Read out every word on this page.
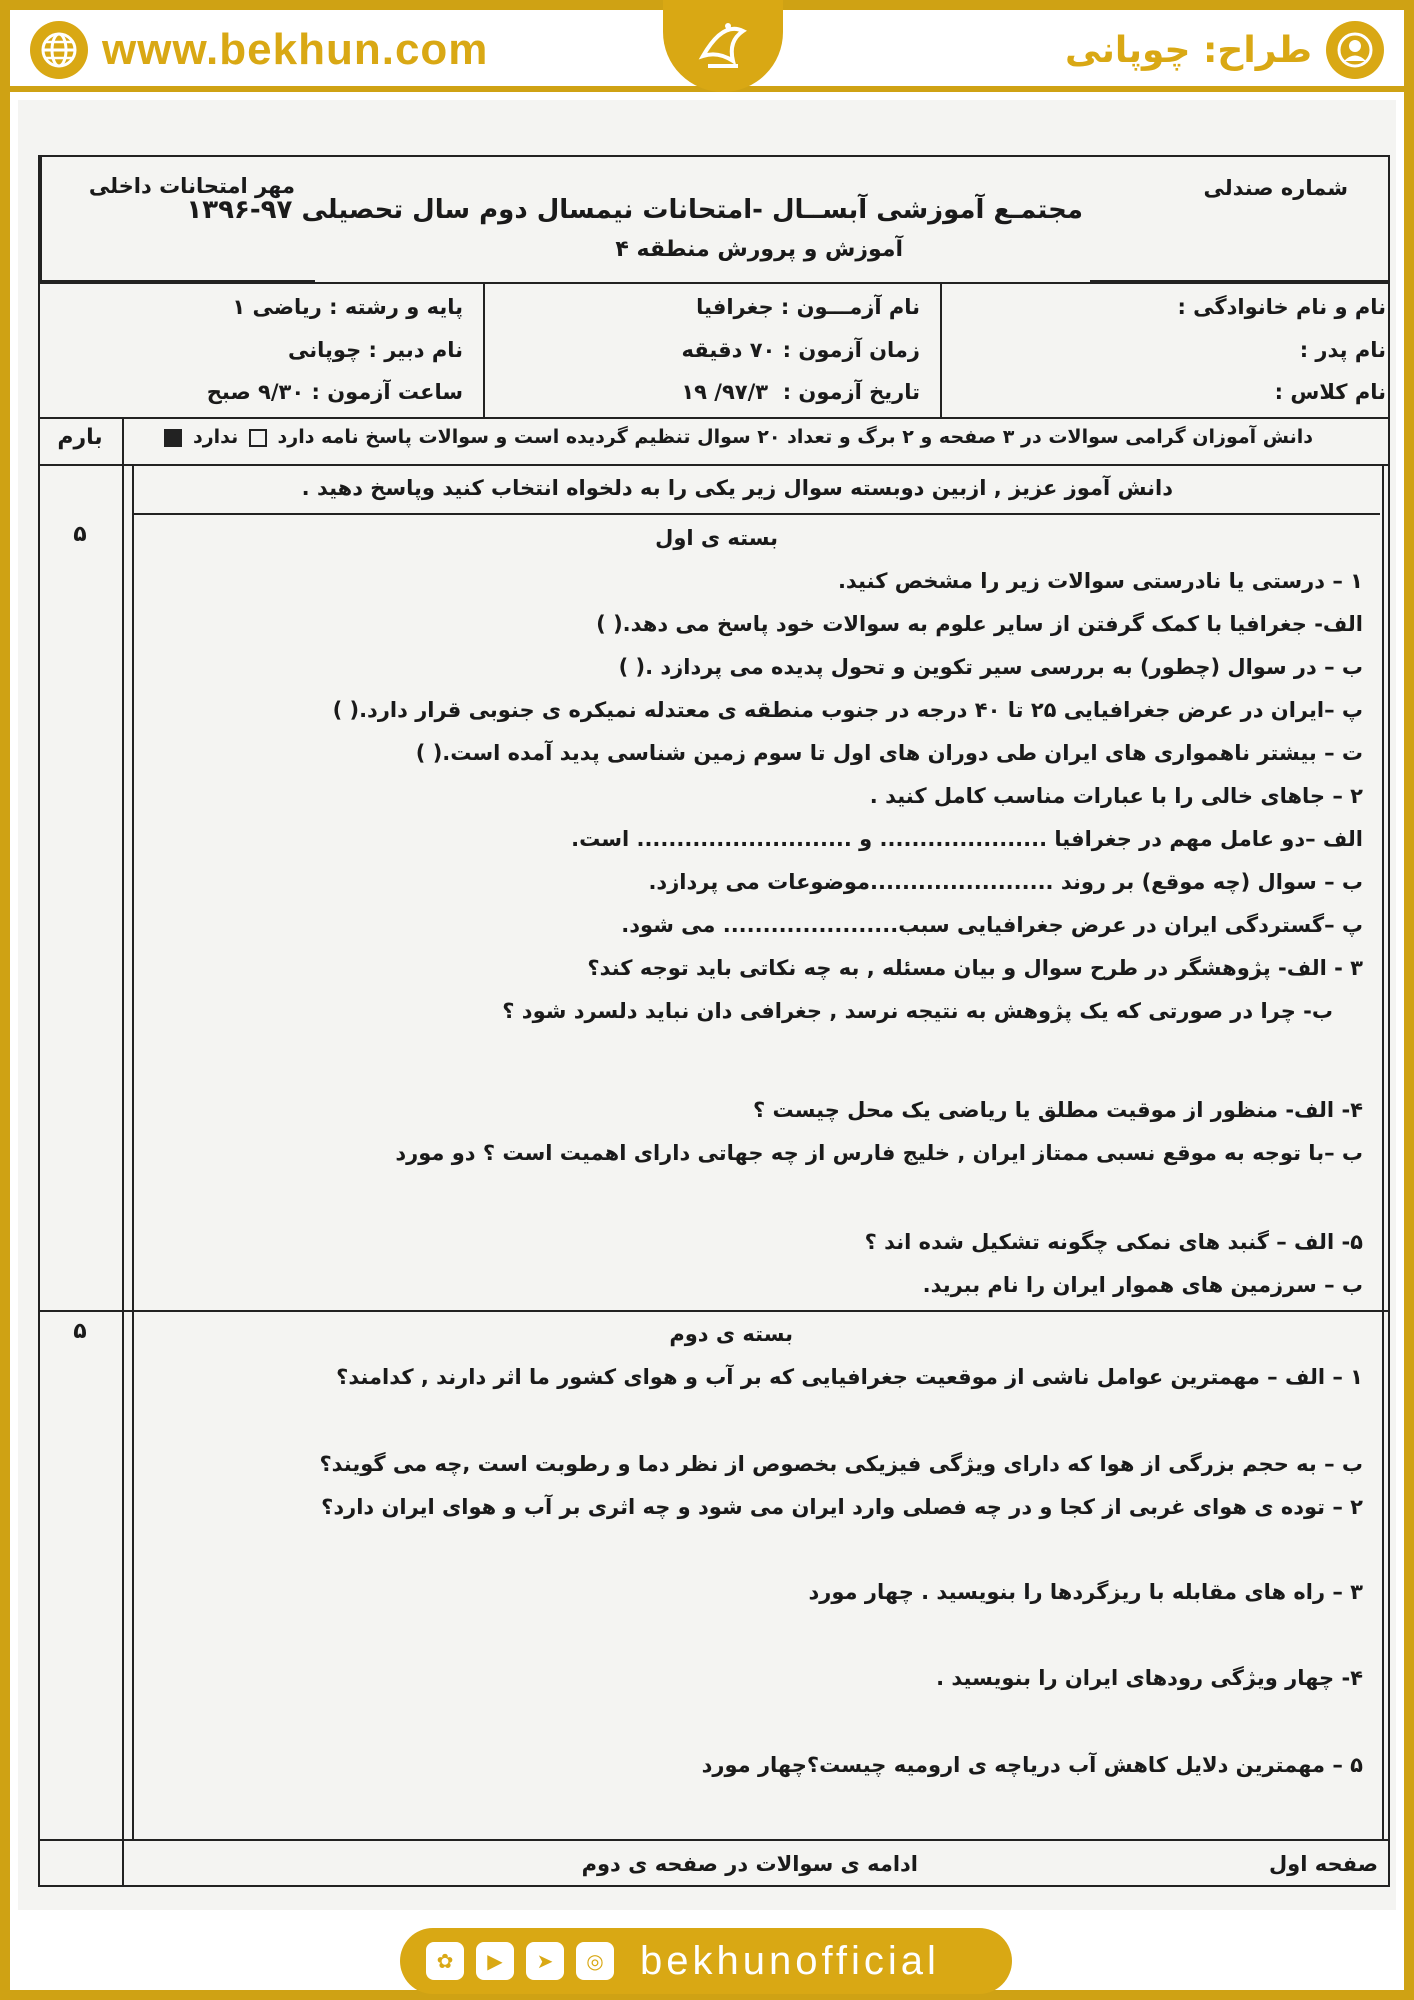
www.bekhun.com	طراح: چوپانی
مهر امتحانات داخلی	شماره صندلی
مجتمـع آموزشی آبســال -امتحانات نیمسال دوم سال تحصیلی ۹۷-۱۳۹۶
آموزش و پرورش منطقه ۴
نام و نام خانوادگی :
نام پدر :
نام کلاس :
نام آزمـــون : جغرافیا
زمان آزمون : ۷۰ دقیقه
تاریخ آزمون :  ۹۷/۳/ ۱۹
پایه و رشته : ریاضی ۱
نام دبیر : چوپانی
ساعت آزمون : ۹/۳۰ صبح
دانش آموزان گرامی سوالات در ۳ صفحه و ۲ برگ و تعداد ۲۰ سوال تنظیم گردیده است و سوالات پاسخ نامه دارد  ندارد
بارم
دانش آموز عزیز , ازبین دوبسته سوال زیر یکی را به دلخواه انتخاب کنید وپاسخ دهید .
۵	بسته ی اول
۱ – درستی یا نادرستی سوالات زیر را مشخص کنید.
الف- جغرافیا با کمک گرفتن از سایر علوم به سوالات خود پاسخ می دهد.( )
ب – در سوال (چطور) به بررسی سیر تکوین و تحول پدیده می پردازد .( )
پ –ایران در عرض جغرافیایی ۲۵ تا ۴۰ درجه در جنوب منطقه ی معتدله نمیکره ی جنوبی قرار دارد.( )
ت – بیشتر ناهمواری های ایران طی دوران های اول تا سوم زمین شناسی پدید آمده است.( )
۲ – جاهای خالی را با عبارات مناسب کامل کنید .
الف –دو عامل مهم در جغرافیا ..................... و ........................... است.
ب – سوال (چه موقع) بر روند .......................موضوعات می پردازد.
پ –گستردگی ایران در عرض جغرافیایی سبب...................... می شود.
۳ - الف- پژوهشگر در طرح سوال و بیان مسئله , به چه نکاتی باید توجه کند؟
ب- چرا در صورتی که یک پژوهش به نتیجه نرسد , جغرافی دان نباید دلسرد شود ؟
۴- الف- منظور از موقیت مطلق یا ریاضی یک محل چیست ؟
ب –با توجه به موقع نسبی ممتاز ایران , خلیج فارس از چه جهاتی دارای اهمیت است ؟ دو مورد
۵- الف – گنبد های نمکی چگونه تشکیل شده اند ؟
ب – سرزمین های هموار ایران را نام ببرید.
۵	بسته ی دوم
۱ – الف – مهمترین عوامل ناشی از موقعیت جغرافیایی که بر آب و هوای کشور ما اثر دارند , کدامند؟
ب – به حجم بزرگی از هوا که دارای ویژگی فیزیکی بخصوص از نظر دما و رطوبت است ,چه می گویند؟
۲ – توده ی هوای غربی از کجا و در چه فصلی وارد ایران می شود و چه اثری بر آب و هوای ایران دارد؟
۳ – راه های مقابله با ریزگردها را بنویسید . چهار مورد
۴- چهار ویژگی رودهای ایران را بنویسید .
۵ – مهمترین دلایل کاهش آب دریاچه ی ارومیه چیست؟چهار مورد
صفحه اول
ادامه ی سوالات در صفحه ی دوم
✿	▶	➤	◎ bekhunofficial
